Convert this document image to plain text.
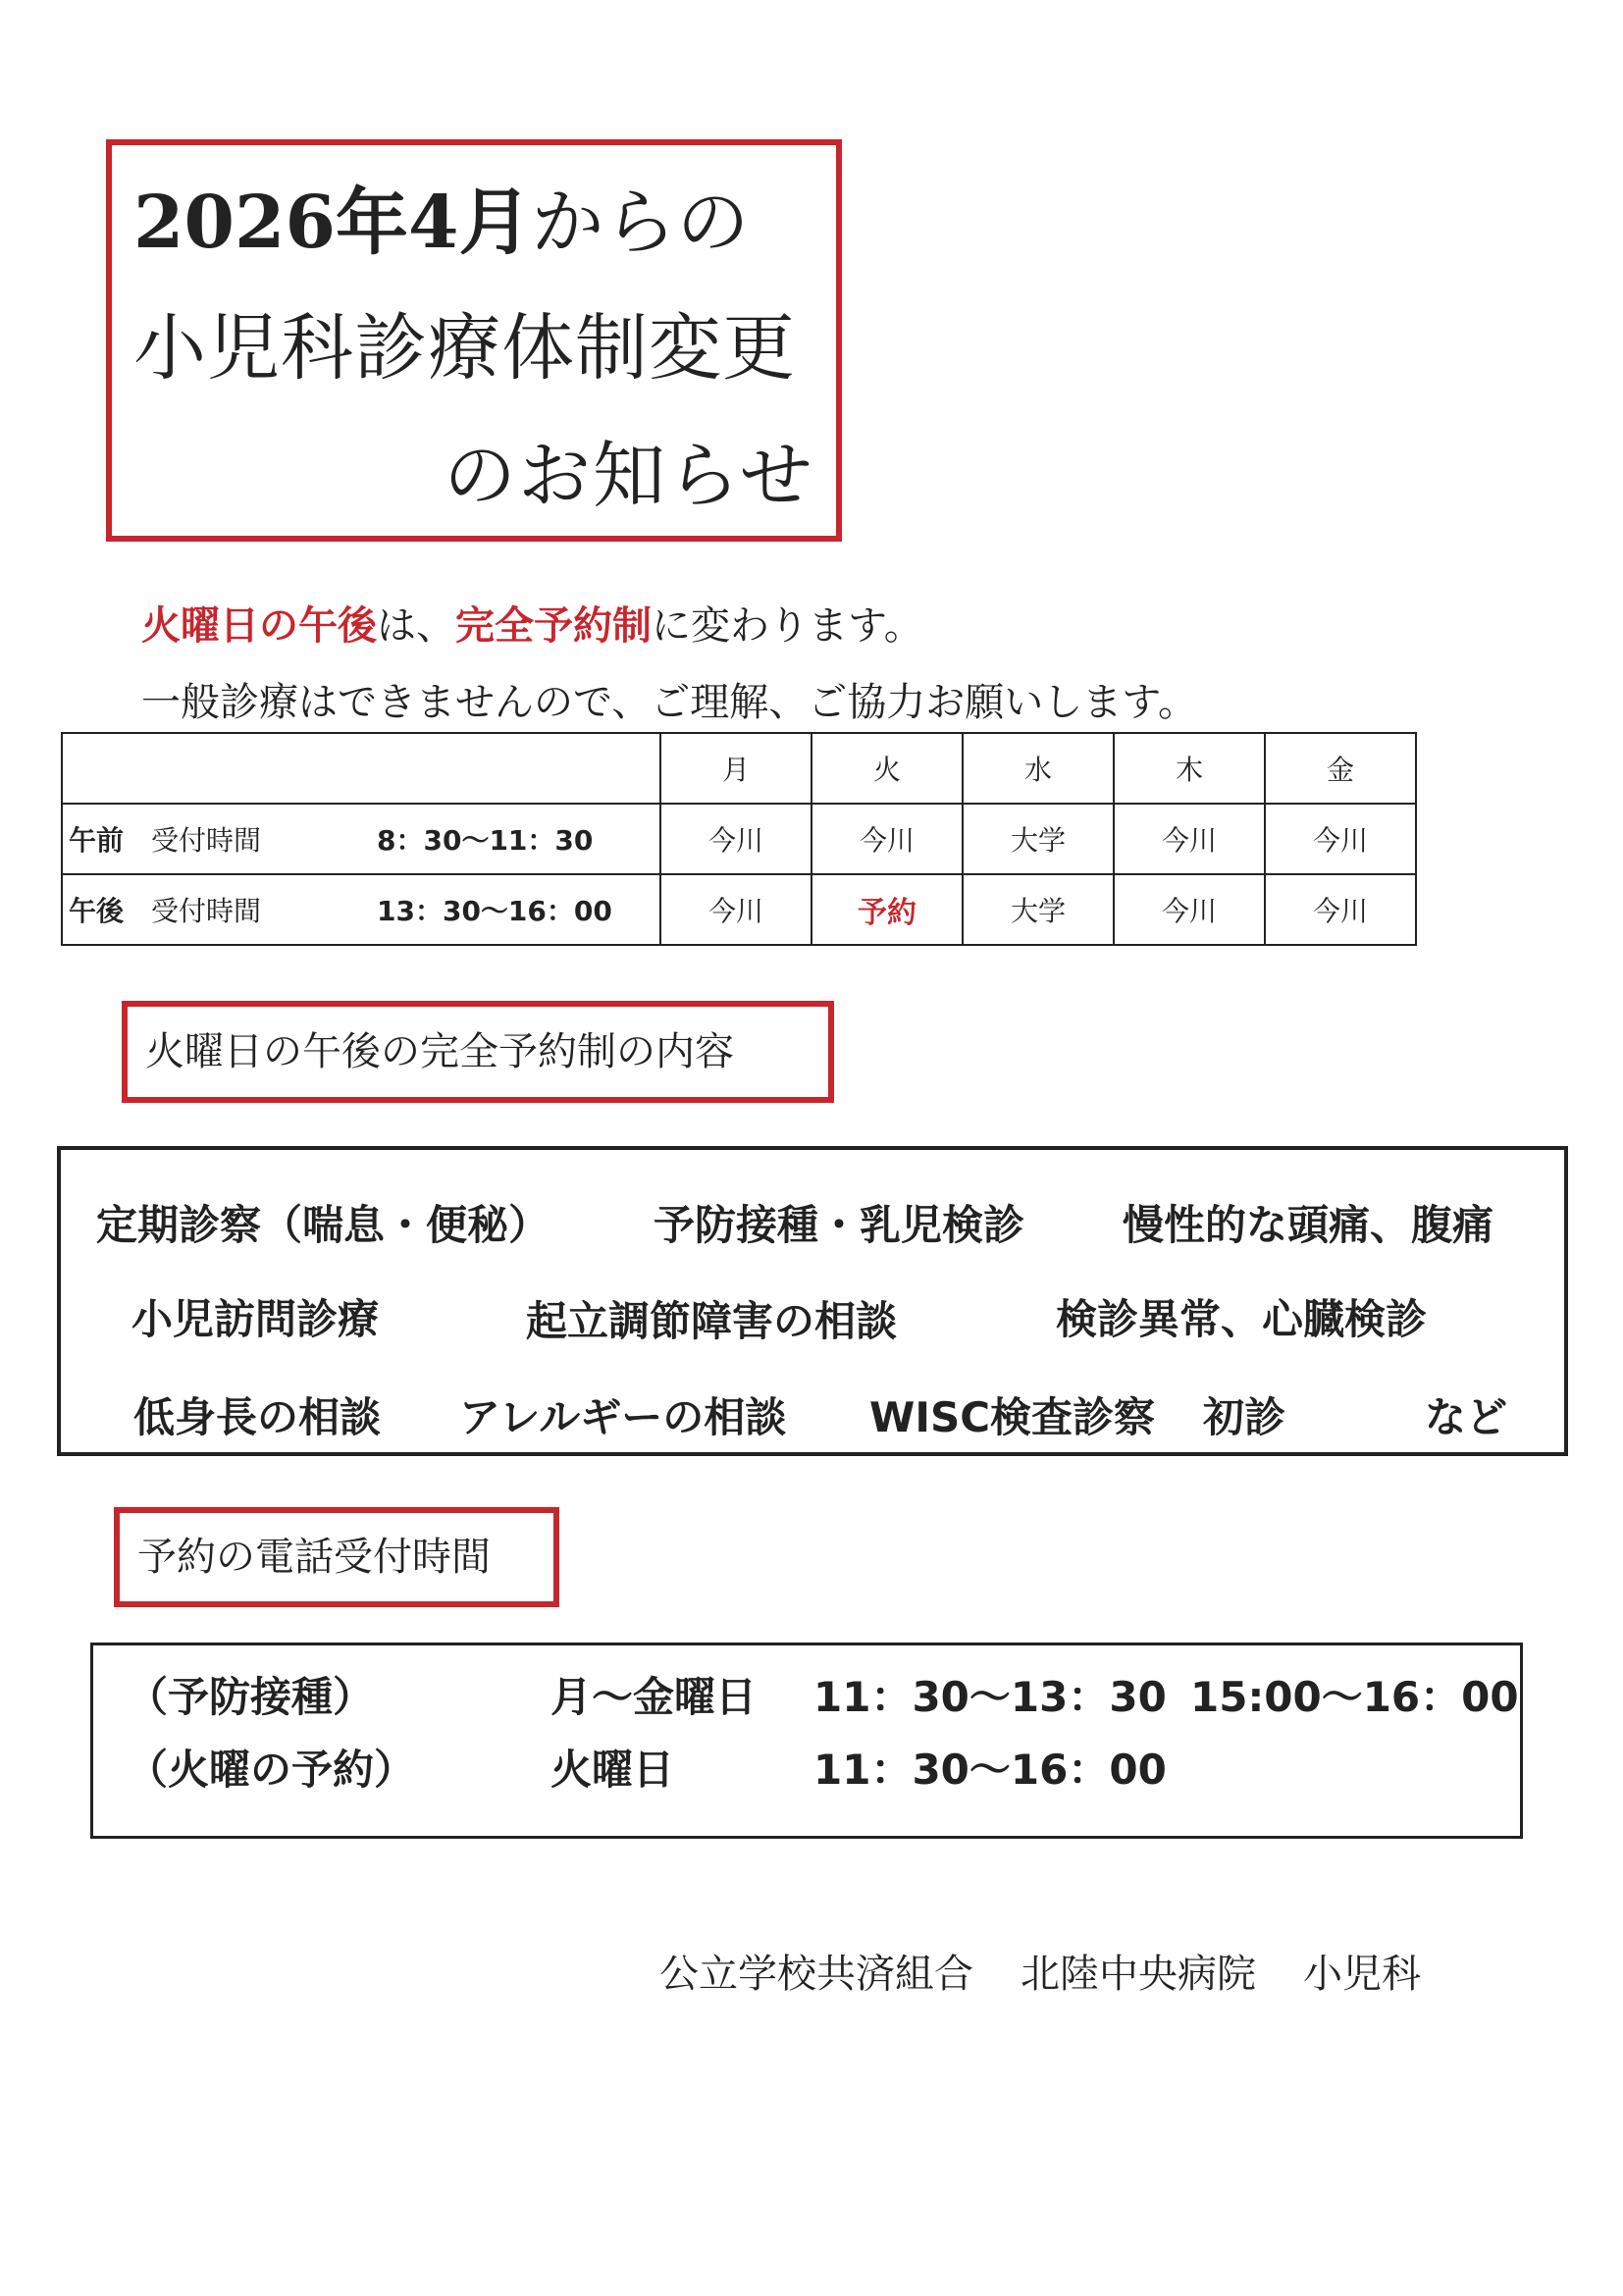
2026年4月からの
小児科診療体制変更
のお知らせ
火曜日の午後は、完全予約制に変わります。
一般診療はできませんので、ご理解、ご協力お願いします。
	月	火	水	木	金
午前 受付時間 8：30～11：30	今川	今川	大学	今川	今川
午後 受付時間 13：30～16：00	今川	予約	大学	今川	今川
火曜日の午後の完全予約制の内容
定期診察（喘息・便秘）	予防接種・乳児検診 慢性的な頭痛、腹痛
小児訪問診療	起立調節障害の相談	検診異常、心臓検診
低身長の相談 アレルギーの相談 WISC検査診察 初診	など
予約の電話受付時間
（予防接種）	月～金曜日 11：30～13：30 15:00～16：00
（火曜の予約）	火曜日	11：30～16：00
公立学校共済組合 北陸中央病院 小児科
